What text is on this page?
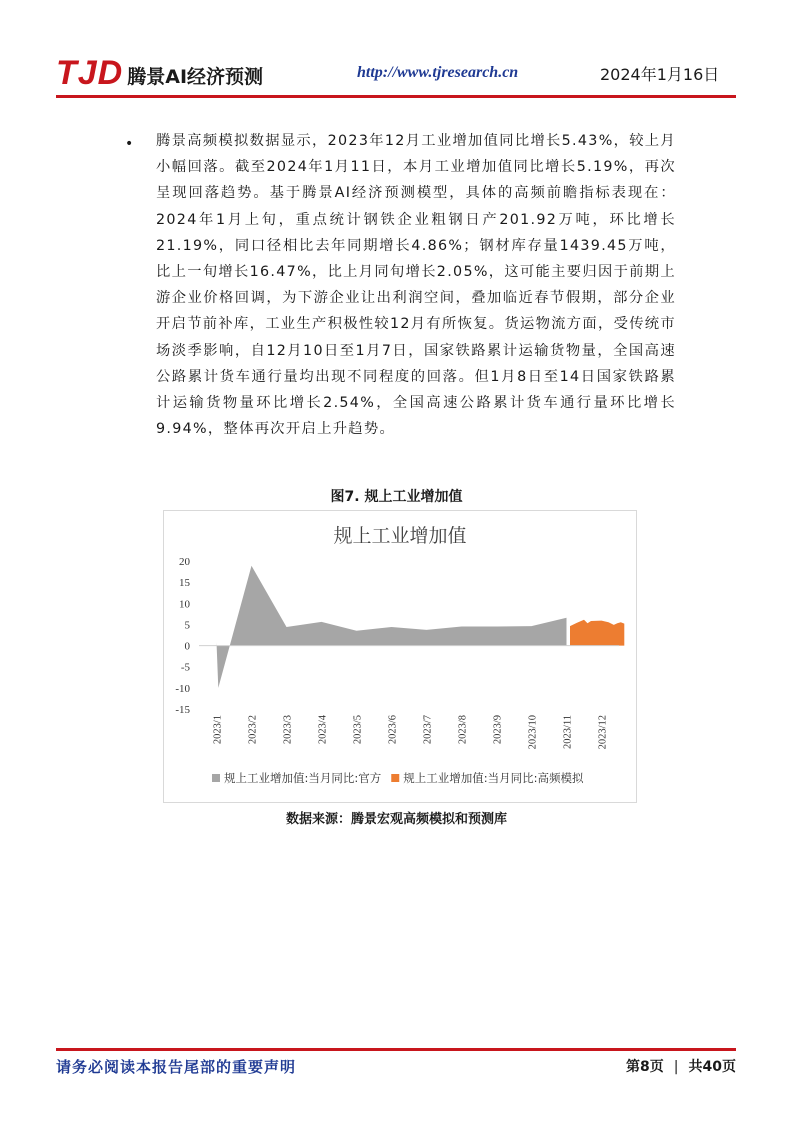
TJD 腾景AI经济预测	http://www.tjresearch.cn	2024年1月16日
• 腾景高频模拟数据显示，2023年12月工业增加值同比增长5.43%，较上月小幅回落。截至2024年1月11日，本月工业增加值同比增长5.19%，再次呈现回落趋势。基于腾景AI经济预测模型，具体的高频前瞻指标表现在：2024年1月上旬，重点统计钢铁企业粗钢日产201.92万吨，环比增长21.19%，同口径相比去年同期增长4.86%；钢材库存量1439.45万吨，比上一旬增长16.47%，比上月同旬增长2.05%，这可能主要归因于前期上游企业价格回调，为下游企业让出利润空间，叠加临近春节假期，部分企业开启节前补库，工业生产积极性较12月有所恢复。货运物流方面，受传统市场淡季影响，自12月10日至1月7日，国家铁路累计运输货物量，全国高速公路累计货车通行量均出现不同程度的回落。但1月8日至14日国家铁路累计运输货物量环比增长2.54%，全国高速公路累计货车通行量环比增长9.94%，整体再次开启上升趋势。
图7. 规上工业增加值
规上工业增加值
20
15
10
5
0
-5
-10
-15
2023/1 2023/2 2023/3 2023/4 2023/5 2023/6 2023/7 2023/8 2023/9 2023/10 2023/11 2023/12
规上工业增加值:当月同比:官方 规上工业增加值:当月同比:高频模拟
数据来源：腾景宏观高频模拟和预测库
请务必阅读本报告尾部的重要声明	第8页 | 共40页
